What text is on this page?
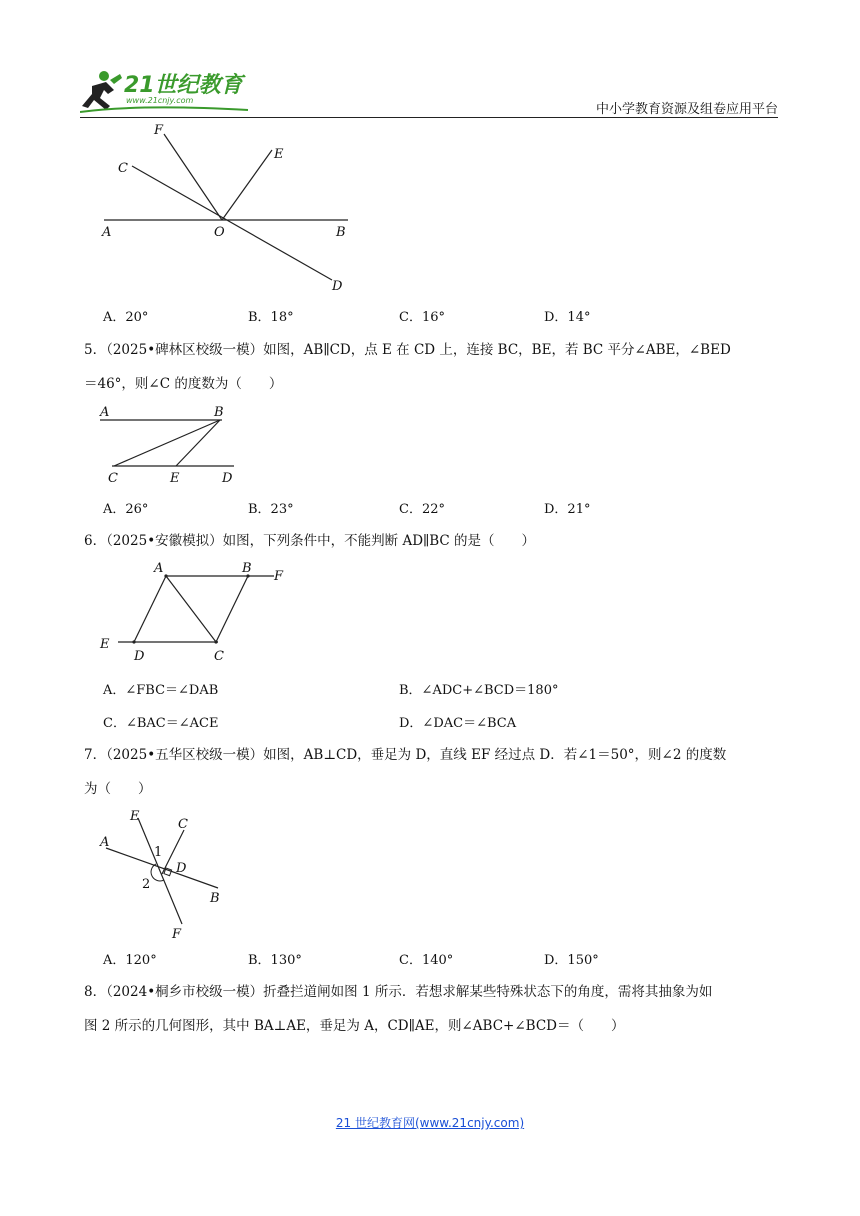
21世纪教育
www.21cnjy.com
中小学教育资源及组卷应用平台
F
C
E
A	O	B
D
A．20°	B．18°	C．16°	D．14°
5．（2025•碑林区校级一模）如图，AB∥CD，点 E 在 CD 上，连接 BC，BE，若 BC 平分∠ABE，∠BED
＝46°，则∠C 的度数为（　　）
A	B
C	E	D
A．26°	B．23°	C．22°	D．21°
6．（2025•安徽模拟）如图，下列条件中，不能判断 AD∥BC 的是（　　）
A	B
F
E
D	C
A．∠FBC＝∠DAB	B．∠ADC+∠BCD＝180°
C．∠BAC＝∠ACE	D．∠DAC＝∠BCA
7．（2025•五华区校级一模）如图，AB⊥CD，垂足为 D，直线 EF 经过点 D．若∠1＝50°，则∠2 的度数
为（　　）
E
C
A
1
D
2
B
F
A．120°	B．130°	C．140°	D．150°
8．（2024•桐乡市校级一模）折叠拦道闸如图 1 所示．若想求解某些特殊状态下的角度，需将其抽象为如
图 2 所示的几何图形，其中 BA⊥AE，垂足为 A，CD∥AE，则∠ABC+∠BCD＝（　　）
21 世纪教育网(www.21cnjy.com)
